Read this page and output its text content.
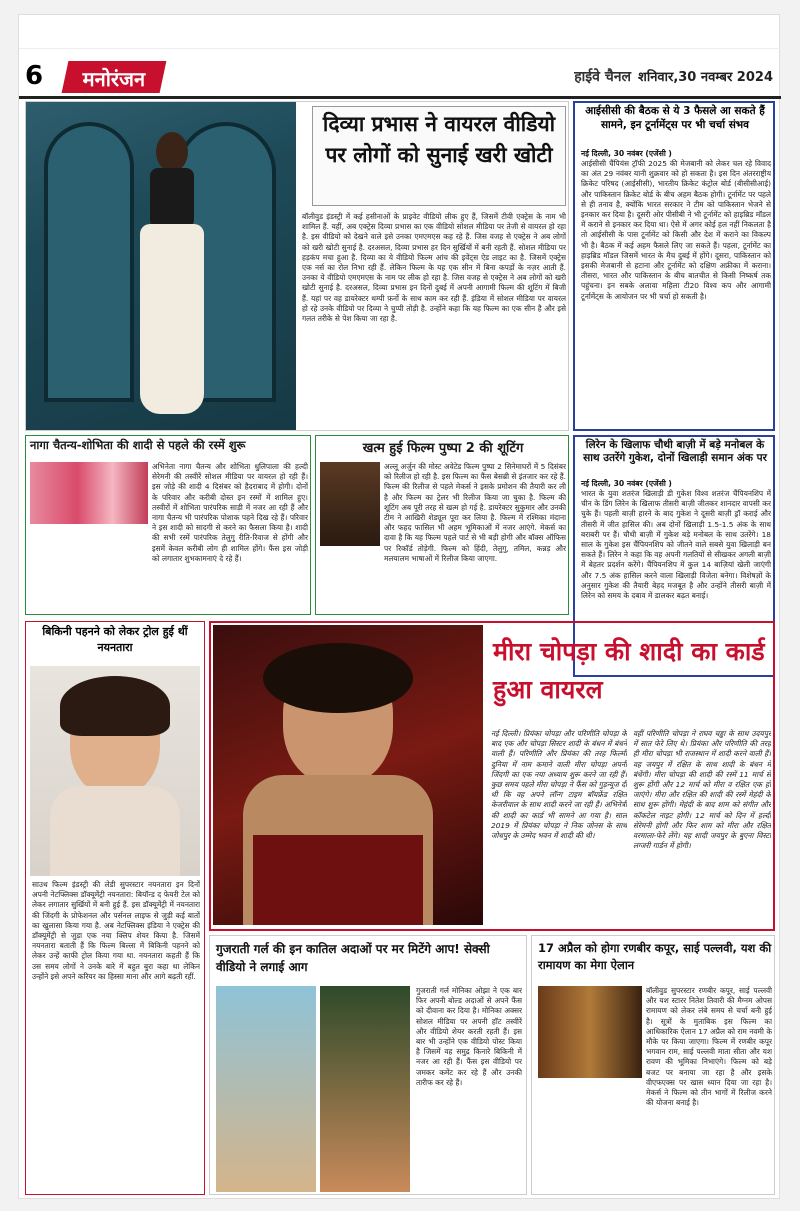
6	मनोरंजन	हाईवे चैनल शनिवार,30 नवम्बर 2024
दिव्या प्रभास ने वायरल वीडियो पर लोगों को सुनाई खरी खोटी
बॉलीवुड इंडस्ट्री में कई हसीनाओं के प्राइवेट वीडियो लीक हुए हैं, जिसमें टीवी एक्ट्रेस के नाम भी शामिल हैं. यहीं, अब एक्ट्रेस दिव्या प्रभास का एक वीडियो सोशल मीडिया पर तेजी से वायरल हो रहा है. इस वीडियो को देखने वाले इसे उनका एमएमएस कह रहे हैं. जिस वजह से एक्ट्रेस ने अब लोगों को खरी खोटी सुनाई है. दरअसल, दिव्या प्रभास हर दिन सुर्खियों में बनी रहती हैं. सोशल मीडिया पर हड़कंप मचा हुआ है. दिव्या का ये वीडियो फिल्म आंच की इवेंट्स ऐड लाइट का है. जिसमें एक्ट्रेस एक नर्स का रोल निभा रही हैं. लेकिन फिल्म के यह एक सीन में बिना कपड़ों के नज़र आती हैं. उनका ये वीडियो एमएमएस के नाम पर लीक हो रहा है. जिस वजह से एक्ट्रेस ने अब लोगों को खरी खोटी सुनाई है. दरअसल, दिव्या प्रभास इन दिनों दुबई में अपनी आगामी फिल्म की शूटिंग में बिजी हैं. यहां पर वह डायरेक्टर थम्पी फ़र्नो के साथ काम कर रही हैं. इंडिया में सोशल मीडिया पर वायरल हो रहे उनके वीडियो पर दिव्या ने चुप्पी तोड़ी है. उन्होंने कहा कि यह फिल्म का एक सीन है और इसे गलत तरीके से पेश किया जा रहा है.
आईसीसी की बैठक से ये 3 फैसले आ सकते हैं सामने, इन टूर्नामेंट्स पर भी चर्चा संभव
नई दिल्ली, 30 नवंबर (एजेंसी )
आईसीसी चैंपियंस ट्रॉफी 2025 की मेजबानी को लेकर चल रहे विवाद का अंत 29 नवंबर यानी शुक्रवार को हो सकता है। इस दिन अंतरराष्ट्रीय क्रिकेट परिषद (आईसीसी), भारतीय क्रिकेट कंट्रोल बोर्ड (बीसीसीआई) और पाकिस्तान क्रिकेट बोर्ड के बीच अहम बैठक होगी। टूर्नामेंट पर पहले से ही तनाव है, क्योंकि भारत सरकार ने टीम को पाकिस्तान भेजने से इनकार कर दिया है। दूसरी ओर पीसीबी ने भी टूर्नामेंट को हाइब्रिड मॉडल में कराने से इनकार कर दिया था। ऐसे में अगर कोई हल नहीं निकलता है तो आईसीसी के पास टूर्नामेंट को किसी और देश में कराने का विकल्प भी है। बैठक में कई अहम फैसले लिए जा सकते हैं। पहला, टूर्नामेंट का हाइब्रिड मॉडल जिसमें भारत के मैच दुबई में होंगे। दूसरा, पाकिस्तान को इसकी मेजबानी से हटाना और टूर्नामेंट को दक्षिण अफ्रीका में कराना। तीसरा, भारत और पाकिस्तान के बीच बातचीत से किसी निष्कर्ष तक पहुंचना। इन सबके अलावा महिला टी20 विश्व कप और आगामी टूर्नामेंट्स के आयोजन पर भी चर्चा हो सकती है।
लिरेन के खिलाफ चौथी बाज़ी में बड़े मनोबल के साथ उतरेंगे गुकेश, दोनों खिलाड़ी समान अंक पर
नई दिल्ली, 30 नवंबर (एजेंसी )
भारत के युवा शतरंज खिलाड़ी डी गुकेश विश्व शतरंज चैंपियनशिप में चीन के डिंग लिरेन के खिलाफ तीसरी बाज़ी जीतकर शानदार वापसी कर चुके हैं। पहली बाज़ी हारने के बाद गुकेश ने दूसरी बाज़ी ड्रॉ कराई और तीसरी में जीत हासिल की। अब दोनों खिलाड़ी 1.5-1.5 अंक के साथ बराबरी पर हैं। चौथी बाज़ी में गुकेश बड़े मनोबल के साथ उतरेंगे। 18 साल के गुकेश इस चैंपियनशिप को जीतने वाले सबसे युवा खिलाड़ी बन सकते हैं। लिरेन ने कहा कि वह अपनी गलतियों से सीखकर अगली बाज़ी में बेहतर प्रदर्शन करेंगे। चैंपियनशिप में कुल 14 बाज़ियां खेली जाएंगी और 7.5 अंक हासिल करने वाला खिलाड़ी विजेता बनेगा। विशेषज्ञों के अनुसार गुकेश की तैयारी बेहद मजबूत है और उन्होंने तीसरी बाज़ी में लिरेन को समय के दबाव में डालकर बढ़त बनाई।
नागा चैतन्य-शोभिता की शादी से पहले की रस्में शुरू
अभिनेता नागा चैतन्य और शोभिता धुलिपाला की हल्दी सेरेमनी की तस्वीरें सोशल मीडिया पर वायरल हो रही हैं। इस जोड़े की शादी 4 दिसंबर को हैदराबाद में होगी। दोनों के परिवार और करीबी दोस्त इन रस्मों में शामिल हुए। तस्वीरों में शोभिता पारंपरिक साड़ी में नजर आ रही हैं और नागा चैतन्य भी पारंपरिक पोशाक पहने दिख रहे हैं। परिवार ने इस शादी को सादगी से करने का फैसला किया है। शादी की सभी रस्में पारंपरिक तेलुगु रीति-रिवाज से होंगी और इसमें केवल करीबी लोग ही शामिल होंगे। फैंस इस जोड़ी को लगातार शुभकामनाएं दे रहे हैं।
खत्म हुई फिल्म पुष्पा 2 की शूटिंग
अल्लू अर्जुन की मोस्ट अवेटेड फिल्म पुष्पा 2 सिनेमाघरों में 5 दिसंबर को रिलीज हो रही है. इस फिल्म का फैंस बेसब्री से इंतजार कर रहे हैं. फिल्म की रिलीज से पहले मेकर्स ने इसके प्रमोशन की तैयारी कर ली है और फिल्म का ट्रेलर भी रिलीज किया जा चुका है. फिल्म की शूटिंग अब पूरी तरह से खत्म हो गई है. डायरेक्टर सुकुमार और उनकी टीम ने आखिरी शेड्यूल पूरा कर लिया है. फिल्म में रश्मिका मंदाना और फहद फासिल भी अहम भूमिकाओं में नजर आएंगे. मेकर्स का दावा है कि यह फिल्म पहले पार्ट से भी बड़ी होगी और बॉक्स ऑफिस पर रिकॉर्ड तोड़ेगी. फिल्म को हिंदी, तेलुगु, तमिल, कन्नड़ और मलयालम भाषाओं में रिलीज किया जाएगा.
बिकिनी पहनने को लेकर ट्रोल हुई थीं नयनतारा
साउथ फिल्म इंडस्ट्री की लेडी सुपरस्टार नयनतारा इन दिनों अपनी नेटफ्लिक्स डॉक्यूमेंट्री नयनतारा: बियॉन्ड द फेयरी टेल को लेकर लगातार सुर्खियों में बनी हुई हैं. इस डॉक्यूमेंट्री में नयनतारा की जिंदगी के प्रोफेशनल और पर्सनल लाइफ से जुड़ी कई बातों का खुलासा किया गया है. अब नेटफ्लिक्स इंडिया ने एक्ट्रेस की डॉक्यूमेंट्री से जुड़ा एक नया क्लिप शेयर किया है. जिसमें नयनतारा बताती हैं कि फिल्म बिल्ला में बिकिनी पहनने को लेकर उन्हें काफी ट्रोल किया गया था. नयनतारा कहती हैं कि उस समय लोगों ने उनके बारे में बहुत बुरा कहा था लेकिन उन्होंने इसे अपने करियर का हिस्सा माना और आगे बढ़ती रहीं.
मीरा चोपड़ा की शादी का कार्ड हुआ वायरल
नई दिल्ली। प्रियंका चोपड़ा और परिणीति चोपड़ा के बाद एक और चोपड़ा सिस्टर शादी के बंधन में बंधने वाली हैं। परिणीति और प्रियंका की तरह फिल्मी दुनिया में नाम कमाने वाली मीरा चोपड़ा अपनी जिंदगी का एक नया अध्याय शुरू करने जा रही हैं। कुछ समय पहले मीरा चोपड़ा ने फैंस को गुड़न्यूज दी थी कि वह अपने लॉन्ग टाइम बॉयफ्रेंड रक्षित केजरीवाल के साथ शादी करने जा रही हैं। अभिनेत्री की शादी का कार्ड भी सामने आ गया है। साल 2019 में प्रियंका चोपड़ा ने निक जोनस के साथ जोधपुर के उम्मेद भवन में शादी की थी।
वहीं परिणीति चोपड़ा ने राघव चड्ढा के साथ उदयपुर में सात फेरे लिए थे। प्रियंका और परिणीति की तरह ही मीरा चोपड़ा भी राजस्थान में शादी करने वाली हैं। वह जयपुर में रक्षित के साथ शादी के बंधन में बंधेंगी। मीरा चोपड़ा की शादी की रस्में 11 मार्च से शुरू होंगी और 12 मार्च को मीरा व रक्षित एक हो जाएंगे। मीरा और रक्षित की शादी की रस्में मेहंदी के साथ शुरू होंगी। मेहंदी के बाद शाम को संगीत और कॉकटेल नाइट होगी। 12 मार्च को दिन में हल्दी सेरेमनी होगी और फिर शाम को मीरा और रक्षित वरमाला-फेरे लेंगे। यह शादी जयपुर के बुएना विस्टा लग्जरी गार्डन में होगी।
गुजराती गर्ल की इन कातिल अदाओं पर मर मिटेंगे आप! सेक्सी वीडियो ने लगाई आग
गुजराती गर्ल मोनिका ओझा ने एक बार फिर अपनी बोल्ड अदाओं से अपने फैंस को दीवाना कर दिया है। मोनिका अक्सर सोशल मीडिया पर अपनी हॉट तस्वीरें और वीडियो शेयर करती रहती हैं। इस बार भी उन्होंने एक वीडियो पोस्ट किया है जिसमें वह समुद्र किनारे बिकिनी में नजर आ रही हैं। फैंस इस वीडियो पर जमकर कमेंट कर रहे हैं और उनकी तारीफ कर रहे हैं।
17 अप्रैल को होगा रणबीर कपूर, साई पल्लवी, यश की रामायण का मेगा ऐलान
बॉलीवुड सुपरस्टार रणबीर कपूर, साई पल्लवी और यश स्टारर नितेश तिवारी की मैग्नम ओपस रामायण को लेकर लंबे समय से चर्चा बनी हुई है। सूत्रों के मुताबिक इस फिल्म का आधिकारिक ऐलान 17 अप्रैल को राम नवमी के मौके पर किया जाएगा। फिल्म में रणबीर कपूर भगवान राम, साई पल्लवी माता सीता और यश रावण की भूमिका निभाएंगे। फिल्म को बड़े बजट पर बनाया जा रहा है और इसके वीएफएक्स पर खास ध्यान दिया जा रहा है। मेकर्स ने फिल्म को तीन भागों में रिलीज करने की योजना बनाई है।
